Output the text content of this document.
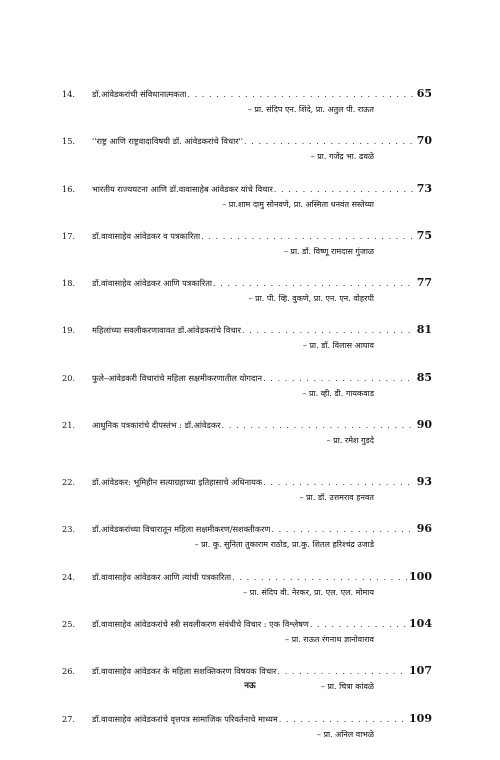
14.	डॉ.आंवेडकरांची संविधानात्मकता . . .	65
– प्रा. संदिप एन. शिंदे, प्रा. अतुल पी. राऊत
15.	''राष्ट्र आणि राष्ट्रवादाविषयी डॉ. आंवेडकरांचे विचार'' . . .	70
– प्रा. गजेंद्र भा. ढवळे
16.	भारतीय राज्यघटना आणि डॉ.वावासाहेब आंवेडकर यांचे विचार . . .	73
– प्रा.शाम दामु सोनवणे, प्रा. अस्मिता धनवंत सस्तेय्या
17.	डॉ.वावासाहेव आंवेडकर व पत्रकारिता . . .	75
– प्रा. डॉ. विष्णू रामदास गुंजाळ
18.	डॉ.वांवासाहेव आंवेडकर आणि पत्रकारिता . . .	77
– प्रा. पी. व्हि. वुकणे, प्रा. एन. एन. वोहरपी
19.	महिलांच्या सवलीकरणावावत डॉ.आंवेडकरांचे विचार . . .	81
– प्रा. डॉ. विलास आघाव
20.	फुले–आंवेडकरी विचारांचे महिला सक्षमीकरणातील योगदान . . .	85
– प्रा. व्ही. डी. गायकवाड
21.	आधुनिक पत्रकारांचे दीपस्तंभ : डॉ.आंवेडकर . . .	90
– प्रा. रमेश गुडदे
22.	डॉ.आंवेडकर: भूमिहीन सत्याग्रहाच्या इतिहासाचे अधिनायक . . .	93
– प्रा. डॉ. उत्तमराव हनवत
23.	डॉ.आंवेडकरांच्या विचारातून महिला सक्षमीकरण/सशक्तीकरण . . .	96
– प्रा. कु. सुनिता तुकाराम राठोड, प्रा.कु. शितल हरिश्चंद्र उजाडे
24.	डॉ.वावासाहेव आंवेडकर आणि त्यांची पत्रकारिता . . .	100
– प्रा. संदिप वी. नेरकर, प्रा. एल. एल. मोमाय
25.	डॉ.वावासाहेव आंवेडकरांचे स्त्री सवलीकरण संवंधीचे विचार : एक विश्लेषण . . .	104
– प्रा. राऊत रंगनाथ ज्ञानोवाराव
26.	डॉ.वावासाहेव आंवेडकर के महिला सशक्तिकरण विषयक विचार . . .	107
– प्रा. चित्रा कांवळे
27.	डॉ.वावासाहेव आंवेडकरांचे वृत्तपत्र सामाजिक परिवर्तनाचे माध्यम . . .	109
– प्रा. अनिल वाभळे
नऊ
